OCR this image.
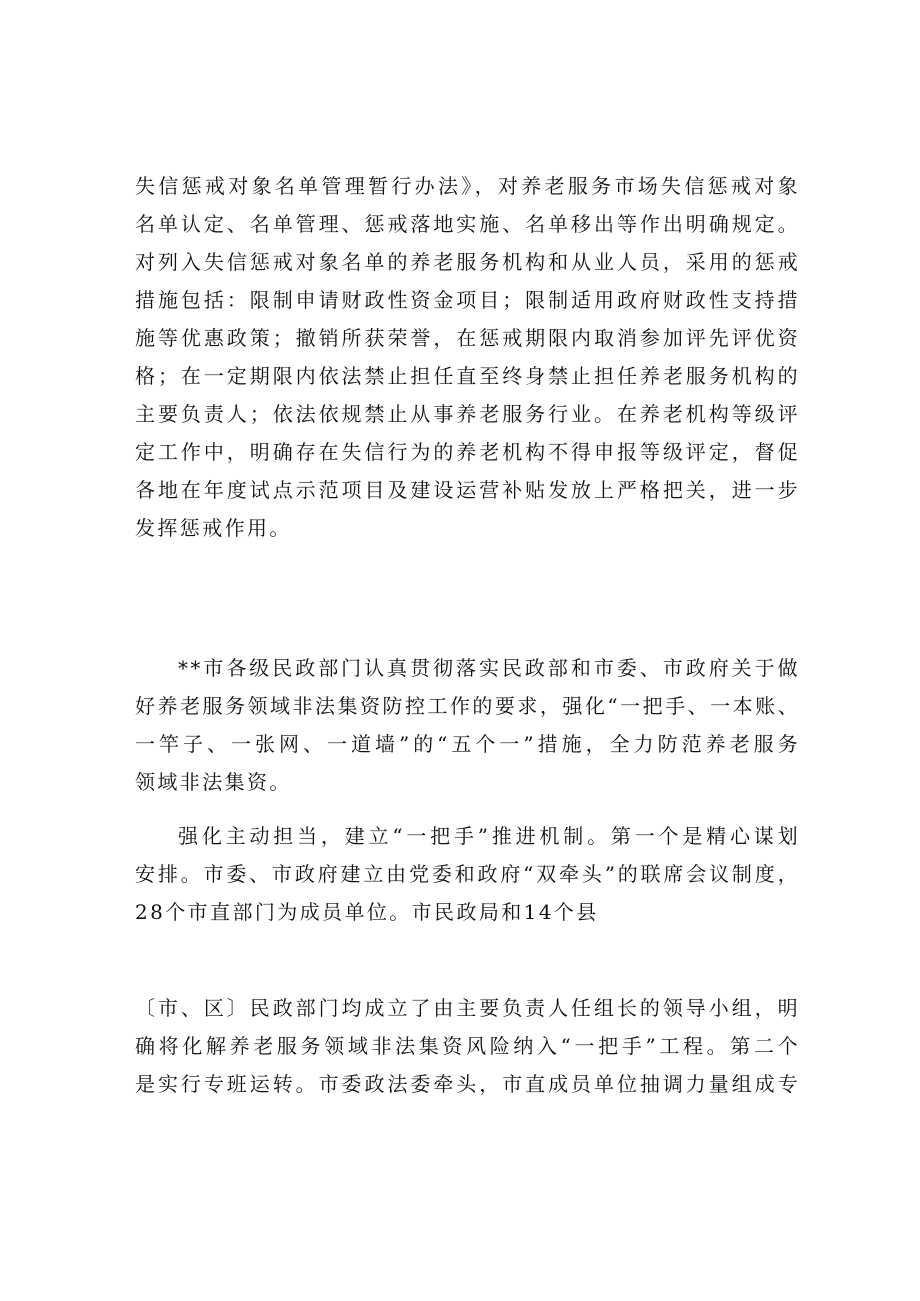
失信惩戒对象名单管理暂行办法》，对养老服务市场失信惩戒对象
名单认定、名单管理、惩戒落地实施、名单移出等作出明确规定。
对列入失信惩戒对象名单的养老服务机构和从业人员，采用的惩戒
措施包括：限制申请财政性资金项目；限制适用政府财政性支持措
施等优惠政策；撤销所获荣誉，在惩戒期限内取消参加评先评优资
格；在一定期限内依法禁止担任直至终身禁止担任养老服务机构的
主要负责人；依法依规禁止从事养老服务行业。在养老机构等级评
定工作中，明确存在失信行为的养老机构不得申报等级评定，督促
各地在年度试点示范项目及建设运营补贴发放上严格把关，进一步
发挥惩戒作用。
**市各级民政部门认真贯彻落实民政部和市委、市政府关于做
好养老服务领域非法集资防控工作的要求，强化“一把手、一本账、
一竿子、一张网、一道墙”的“五个一”措施，全力防范养老服务
领域非法集资。
强化主动担当，建立“一把手”推进机制。第一个是精心谋划
安排。市委、市政府建立由党委和政府“双牵头”的联席会议制度，
28个市直部门为成员单位。市民政局和14个县
〔市、区〕民政部门均成立了由主要负责人任组长的领导小组，明
确将化解养老服务领域非法集资风险纳入“一把手”工程。第二个
是实行专班运转。市委政法委牵头，市直成员单位抽调力量组成专
